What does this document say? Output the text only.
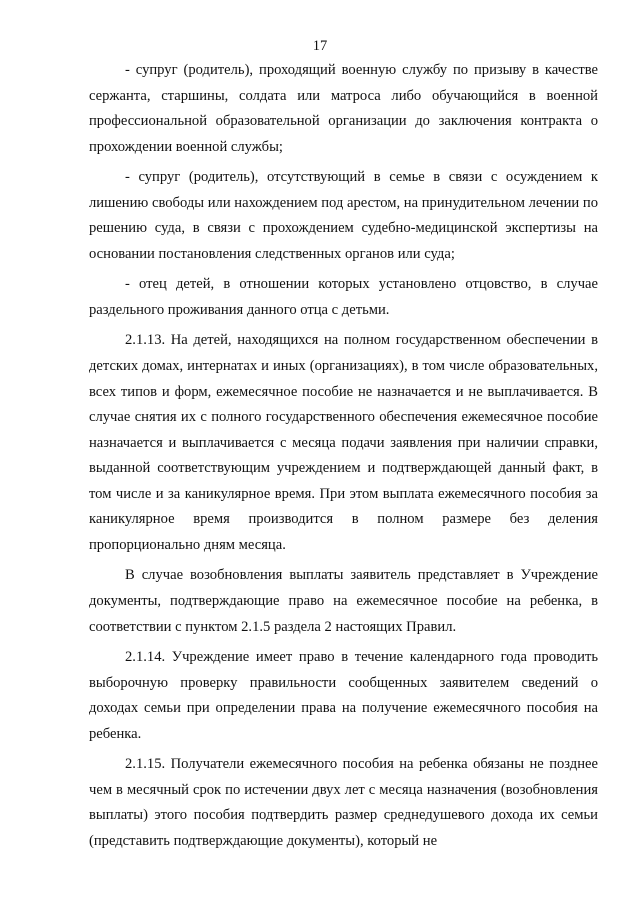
17

- супруг (родитель), проходящий военную службу по призыву в качестве сержанта, старшины, солдата или матроса либо обучающийся в военной профессиональной образовательной организации до заключения контракта о прохождении военной службы;

- супруг (родитель), отсутствующий в семье в связи с осуждением к лишению свободы или нахождением под арестом, на принудительном лечении по решению суда, в связи с прохождением судебно-медицинской экспертизы на основании постановления следственных органов или суда;

- отец детей, в отношении которых установлено отцовство, в случае раздельного проживания данного отца с детьми.

2.1.13. На детей, находящихся на полном государственном обеспечении в детских домах, интернатах и иных (организациях), в том числе образовательных, всех типов и форм, ежемесячное пособие не назначается и не выплачивается. В случае снятия их с полного государственного обеспечения ежемесячное пособие назначается и выплачивается с месяца подачи заявления при наличии справки, выданной соответствующим учреждением и подтверждающей данный факт, в том числе и за каникулярное время. При этом выплата ежемесячного пособия за каникулярное время производится в полном размере без деления пропорционально дням месяца.

В случае возобновления выплаты заявитель представляет в Учреждение документы, подтверждающие право на ежемесячное пособие на ребенка, в соответствии с пунктом 2.1.5 раздела 2 настоящих Правил.

2.1.14. Учреждение имеет право в течение календарного года проводить выборочную проверку правильности сообщенных заявителем сведений о доходах семьи при определении права на получение ежемесячного пособия на ребенка.

2.1.15. Получатели ежемесячного пособия на ребенка обязаны не позднее чем в месячный срок по истечении двух лет с месяца назначения (возобновления выплаты) этого пособия подтвердить размер среднедушевого дохода их семьи (представить подтверждающие документы), который не
